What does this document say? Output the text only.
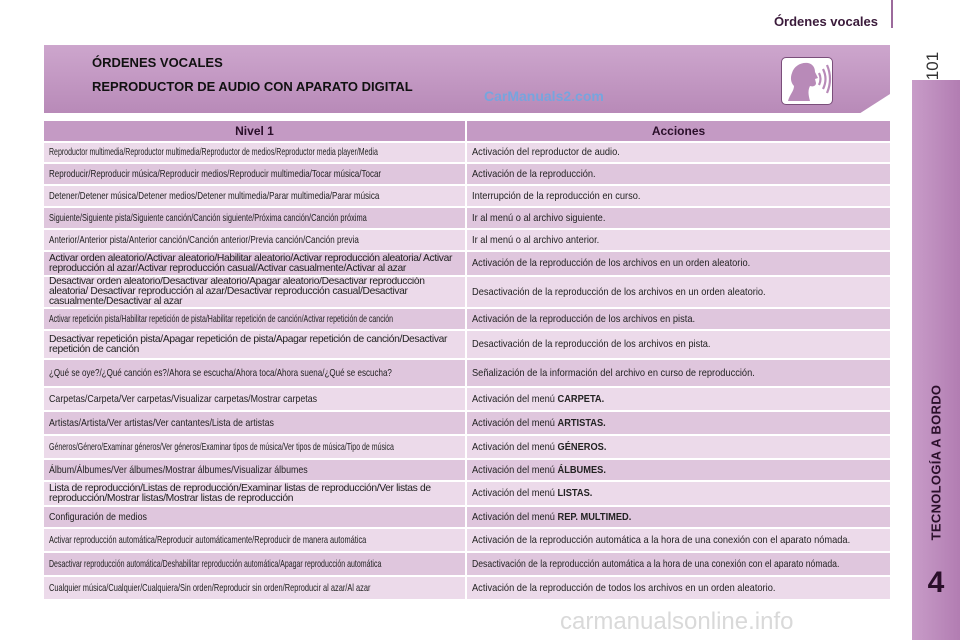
Órdenes vocales
101
TECNOLOGÍA A BORDO
4
ÓRDENES VOCALES
REPRODUCTOR DE AUDIO CON APARATO DIGITAL
CarManuals2.com
Nivel 1	Acciones
Reproductor multimedia/Reproductor multimedia/Reproductor de medios/Reproductor media player/Media	Activación del reproductor de audio.
Reproducir/Reproducir música/Reproducir medios/Reproducir multimedia/Tocar música/Tocar	Activación de la reproducción.
Detener/Detener música/Detener medios/Detener multimedia/Parar multimedia/Parar música	Interrupción de la reproducción en curso.
Siguiente/Siguiente pista/Siguiente canción/Canción siguiente/Próxima canción/Canción próxima	Ir al menú o al archivo siguiente.
Anterior/Anterior pista/Anterior canción/Canción anterior/Previa canción/Canción previa	Ir al menú o al archivo anterior.

Activar orden aleatorio/Activar aleatorio/Habilitar aleatorio/Activar reproducción aleatoria/ Activar reproducción al azar/Activar reproducción casual/Activar casualmente/Activar al azar	Activación de la reproducción de los archivos en un orden aleatorio.

Desactivar orden aleatorio/Desactivar aleatorio/Apagar aleatorio/Desactivar reproducción aleatoria/ Desactivar reproducción al azar/Desactivar reproducción casual/Desactivar casualmente/Desactivar al azar	Desactivación de la reproducción de los archivos en un orden aleatorio.
Activar repetición pista/Habilitar repetición de pista/Habilitar repetición de canción/Activar repetición de canción	Activación de la reproducción de los archivos en pista.

Desactivar repetición pista/Apagar repetición de pista/Apagar repetición de canción/Desactivar repetición de canción	Desactivación de la reproducción de los archivos en pista.
¿Qué se oye?/¿Qué canción es?/Ahora se escucha/Ahora toca/Ahora suena/¿Qué se escucha?	Señalización de la información del archivo en curso de reproducción.
Carpetas/Carpeta/Ver carpetas/Visualizar carpetas/Mostrar carpetas	Activación del menú CARPETA.
Artistas/Artista/Ver artistas/Ver cantantes/Lista de artistas	Activación del menú ARTISTAS.
Géneros/Género/Examinar géneros/Ver géneros/Examinar tipos de música/Ver tipos de música/Tipo de música	Activación del menú GÉNEROS.
Álbum/Álbumes/Ver álbumes/Mostrar álbumes/Visualizar álbumes	Activación del menú ÁLBUMES.

Lista de reproducción/Listas de reproducción/Examinar listas de reproducción/Ver listas de reproducción/Mostrar listas/Mostrar listas de reproducción	Activación del menú LISTAS.
Configuración de medios	Activación del menú REP. MULTIMED.
Activar reproducción automática/Reproducir automáticamente/Reproducir de manera automática	Activación de la reproducción automática a la hora de una conexión con el aparato nómada.
Desactivar reproducción automática/Deshabilitar reproducción automática/Apagar reproducción automática	Desactivación de la reproducción automática a la hora de una conexión con el aparato nómada.
Cualquier música/Cualquier/Cualquiera/Sin orden/Reproducir sin orden/Reproducir al azar/Al azar	Activación de la reproducción de todos los archivos en un orden aleatorio.
carmanualsonline.info
